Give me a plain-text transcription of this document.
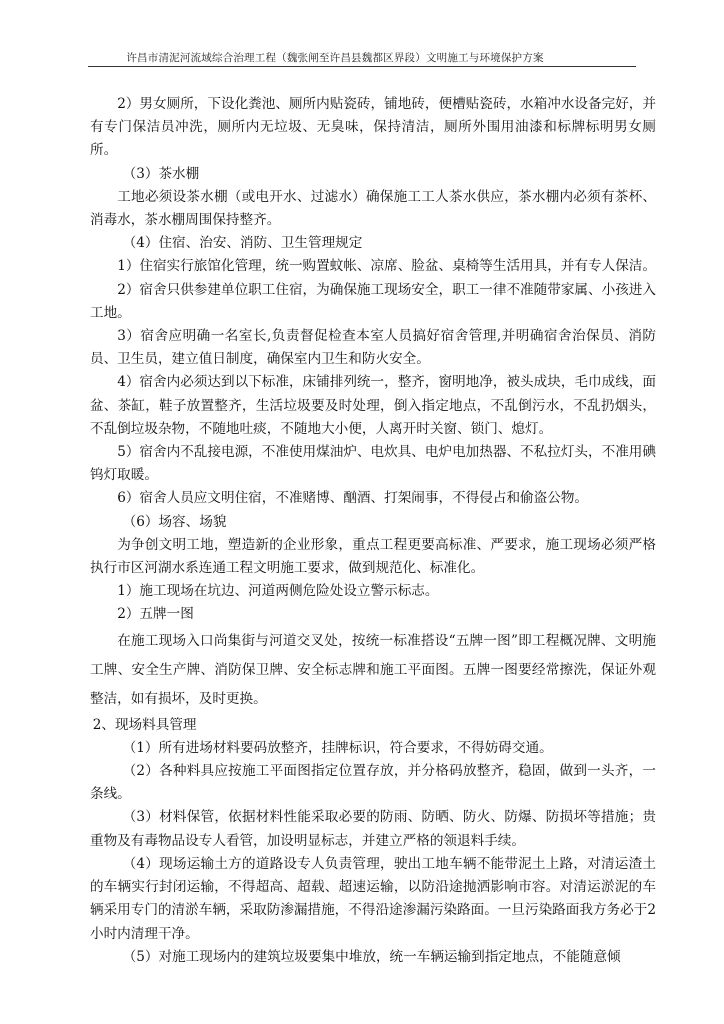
许昌市清泥河流域综合治理工程（魏张闸至许昌县魏都区界段）文明施工与环境保护方案

2）男女厕所，下设化粪池、厕所内贴瓷砖，铺地砖，便槽贴瓷砖，水箱冲水设备完好，并有专门保洁员冲洗，厕所内无垃圾、无臭味，保持清洁，厕所外围用油漆和标牌标明男女厕所。

（3）茶水棚

工地必须设茶水棚（或电开水、过滤水）确保施工工人茶水供应，茶水棚内必须有茶杯、消毒水，茶水棚周围保持整齐。

（4）住宿、治安、消防、卫生管理规定

1）住宿实行旅馆化管理，统一购置蚊帐、凉席、脸盆、桌椅等生活用具，并有专人保洁。

2）宿舍只供参建单位职工住宿，为确保施工现场安全，职工一律不准随带家属、小孩进入工地。

3）宿舍应明确一名室长,负责督促检查本室人员搞好宿舍管理,并明确宿舍治保员、消防员、卫生员，建立值日制度，确保室内卫生和防火安全。

4）宿舍内必须达到以下标准，床铺排列统一，整齐，窗明地净，被头成块，毛巾成线，面盆、茶缸，鞋子放置整齐，生活垃圾要及时处理，倒入指定地点，不乱倒污水，不乱扔烟头，不乱倒垃圾杂物，不随地吐痰，不随地大小便，人离开时关窗、锁门、熄灯。

5）宿舍内不乱接电源，不准使用煤油炉、电炊具、电炉电加热器、不私拉灯头，不准用碘钨灯取暖。

6）宿舍人员应文明住宿，不准赌博、酗酒、打架闹事，不得侵占和偷盗公物。

（6）场容、场貌

为争创文明工地，塑造新的企业形象，重点工程更要高标准、严要求，施工现场必须严格执行市区河湖水系连通工程文明施工要求，做到规范化、标准化。

1）施工现场在坑边、河道两侧危险处设立警示标志。

2）五牌一图

在施工现场入口尚集街与河道交叉处，按统一标准搭设“五牌一图”即工程概况牌、文明施工牌、安全生产牌、消防保卫牌、安全标志牌和施工平面图。五牌一图要经常擦洗，保证外观整洁，如有损坏，及时更换。

2、现场料具管理

（1）所有进场材料要码放整齐，挂牌标识，符合要求，不得妨碍交通。

（2）各种料具应按施工平面图指定位置存放，并分格码放整齐，稳固，做到一头齐，一条线。

（3）材料保管，依据材料性能采取必要的防雨、防晒、防火、防爆、防损坏等措施；贵重物及有毒物品设专人看管，加设明显标志，并建立严格的领退料手续。

（4）现场运输土方的道路设专人负责管理，驶出工地车辆不能带泥土上路，对清运渣土的车辆实行封闭运输，不得超高、超载、超速运输，以防沿途抛洒影响市容。对清运淤泥的车辆采用专门的清淤车辆，采取防渗漏措施，不得沿途渗漏污染路面。一旦污染路面我方务必于2小时内清理干净。

（5）对施工现场内的建筑垃圾要集中堆放，统一车辆运输到指定地点，不能随意倾
